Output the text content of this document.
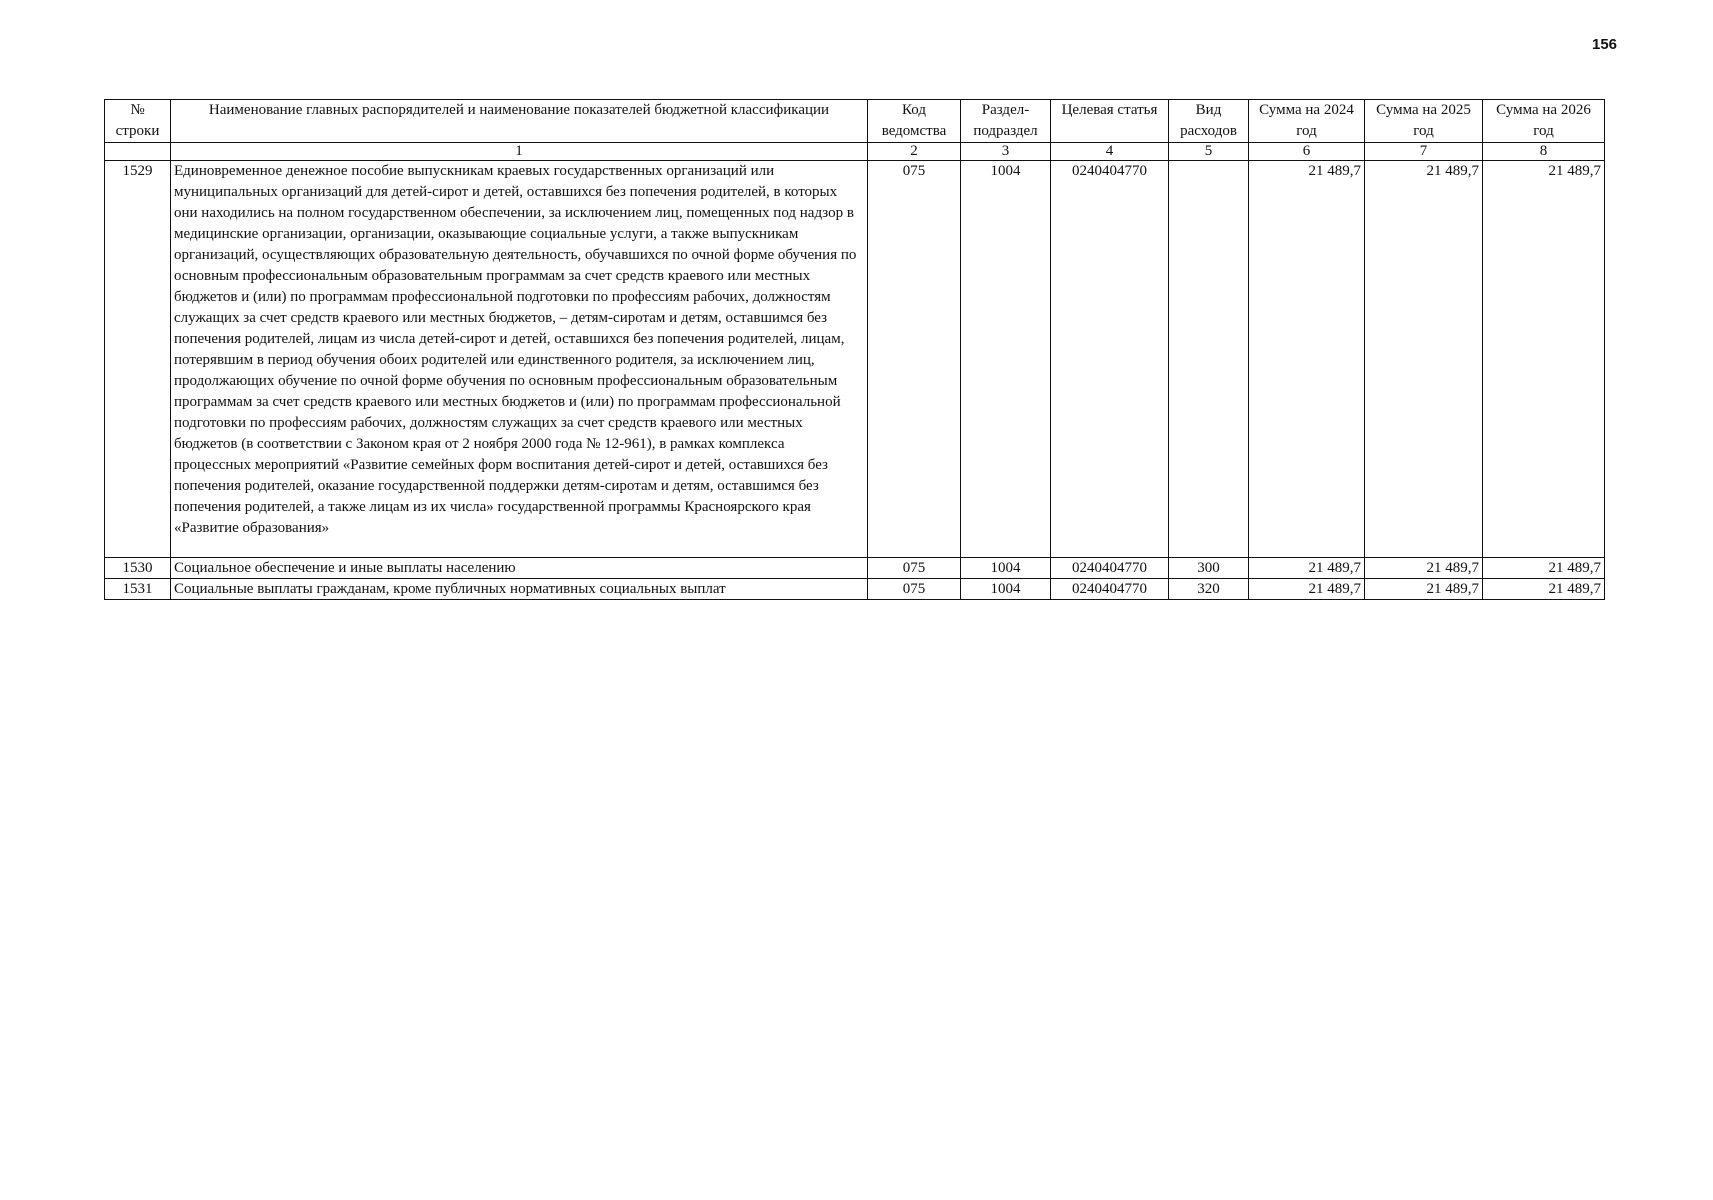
156
№ строки	Наименование главных распорядителей и наименование показателей бюджетной классификации	Код ведомства	Раздел-подраздел	Целевая статья	Вид расходов	Сумма на 2024 год	Сумма на 2025 год	Сумма на 2026 год
	1	2	3	4	5	6	7	8
1529	Единовременное денежное пособие выпускникам краевых государственных организаций или муниципальных организаций для детей-сирот и детей, оставшихся без попечения родителей, в которых они находились на полном государственном обеспечении, за исключением лиц, помещенных под надзор в медицинские организации, организации, оказывающие социальные услуги, а также выпускникам организаций, осуществляющих образовательную деятельность, обучавшихся по очной форме обучения по основным профессиональным образовательным программам за счет средств краевого или местных бюджетов и (или) по программам профессиональной подготовки по профессиям рабочих, должностям служащих за счет средств краевого или местных бюджетов, – детям-сиротам и детям, оставшимся без попечения родителей, лицам из числа детей-сирот и детей, оставшихся без попечения родителей, лицам, потерявшим в период обучения обоих родителей или единственного родителя, за исключением лиц, продолжающих обучение по очной форме обучения по основным профессиональным образовательным программам за счет средств краевого или местных бюджетов и (или) по программам профессиональной подготовки по профессиям рабочих, должностям служащих за счет средств краевого или местных бюджетов (в соответствии с Законом края от 2 ноября 2000 года № 12-961), в рамках комплекса процессных мероприятий «Развитие семейных форм воспитания детей-сирот и детей, оставшихся без попечения родителей, оказание государственной поддержки детям-сиротам и детям, оставшимся без попечения родителей, а также лицам из их числа» государственной программы Красноярского края «Развитие образования»	075	1004	0240404770		21 489,7	21 489,7	21 489,7
1530	Социальное обеспечение и иные выплаты населению	075	1004	0240404770	300	21 489,7	21 489,7	21 489,7
1531	Социальные выплаты гражданам, кроме публичных нормативных социальных выплат	075	1004	0240404770	320	21 489,7	21 489,7	21 489,7
